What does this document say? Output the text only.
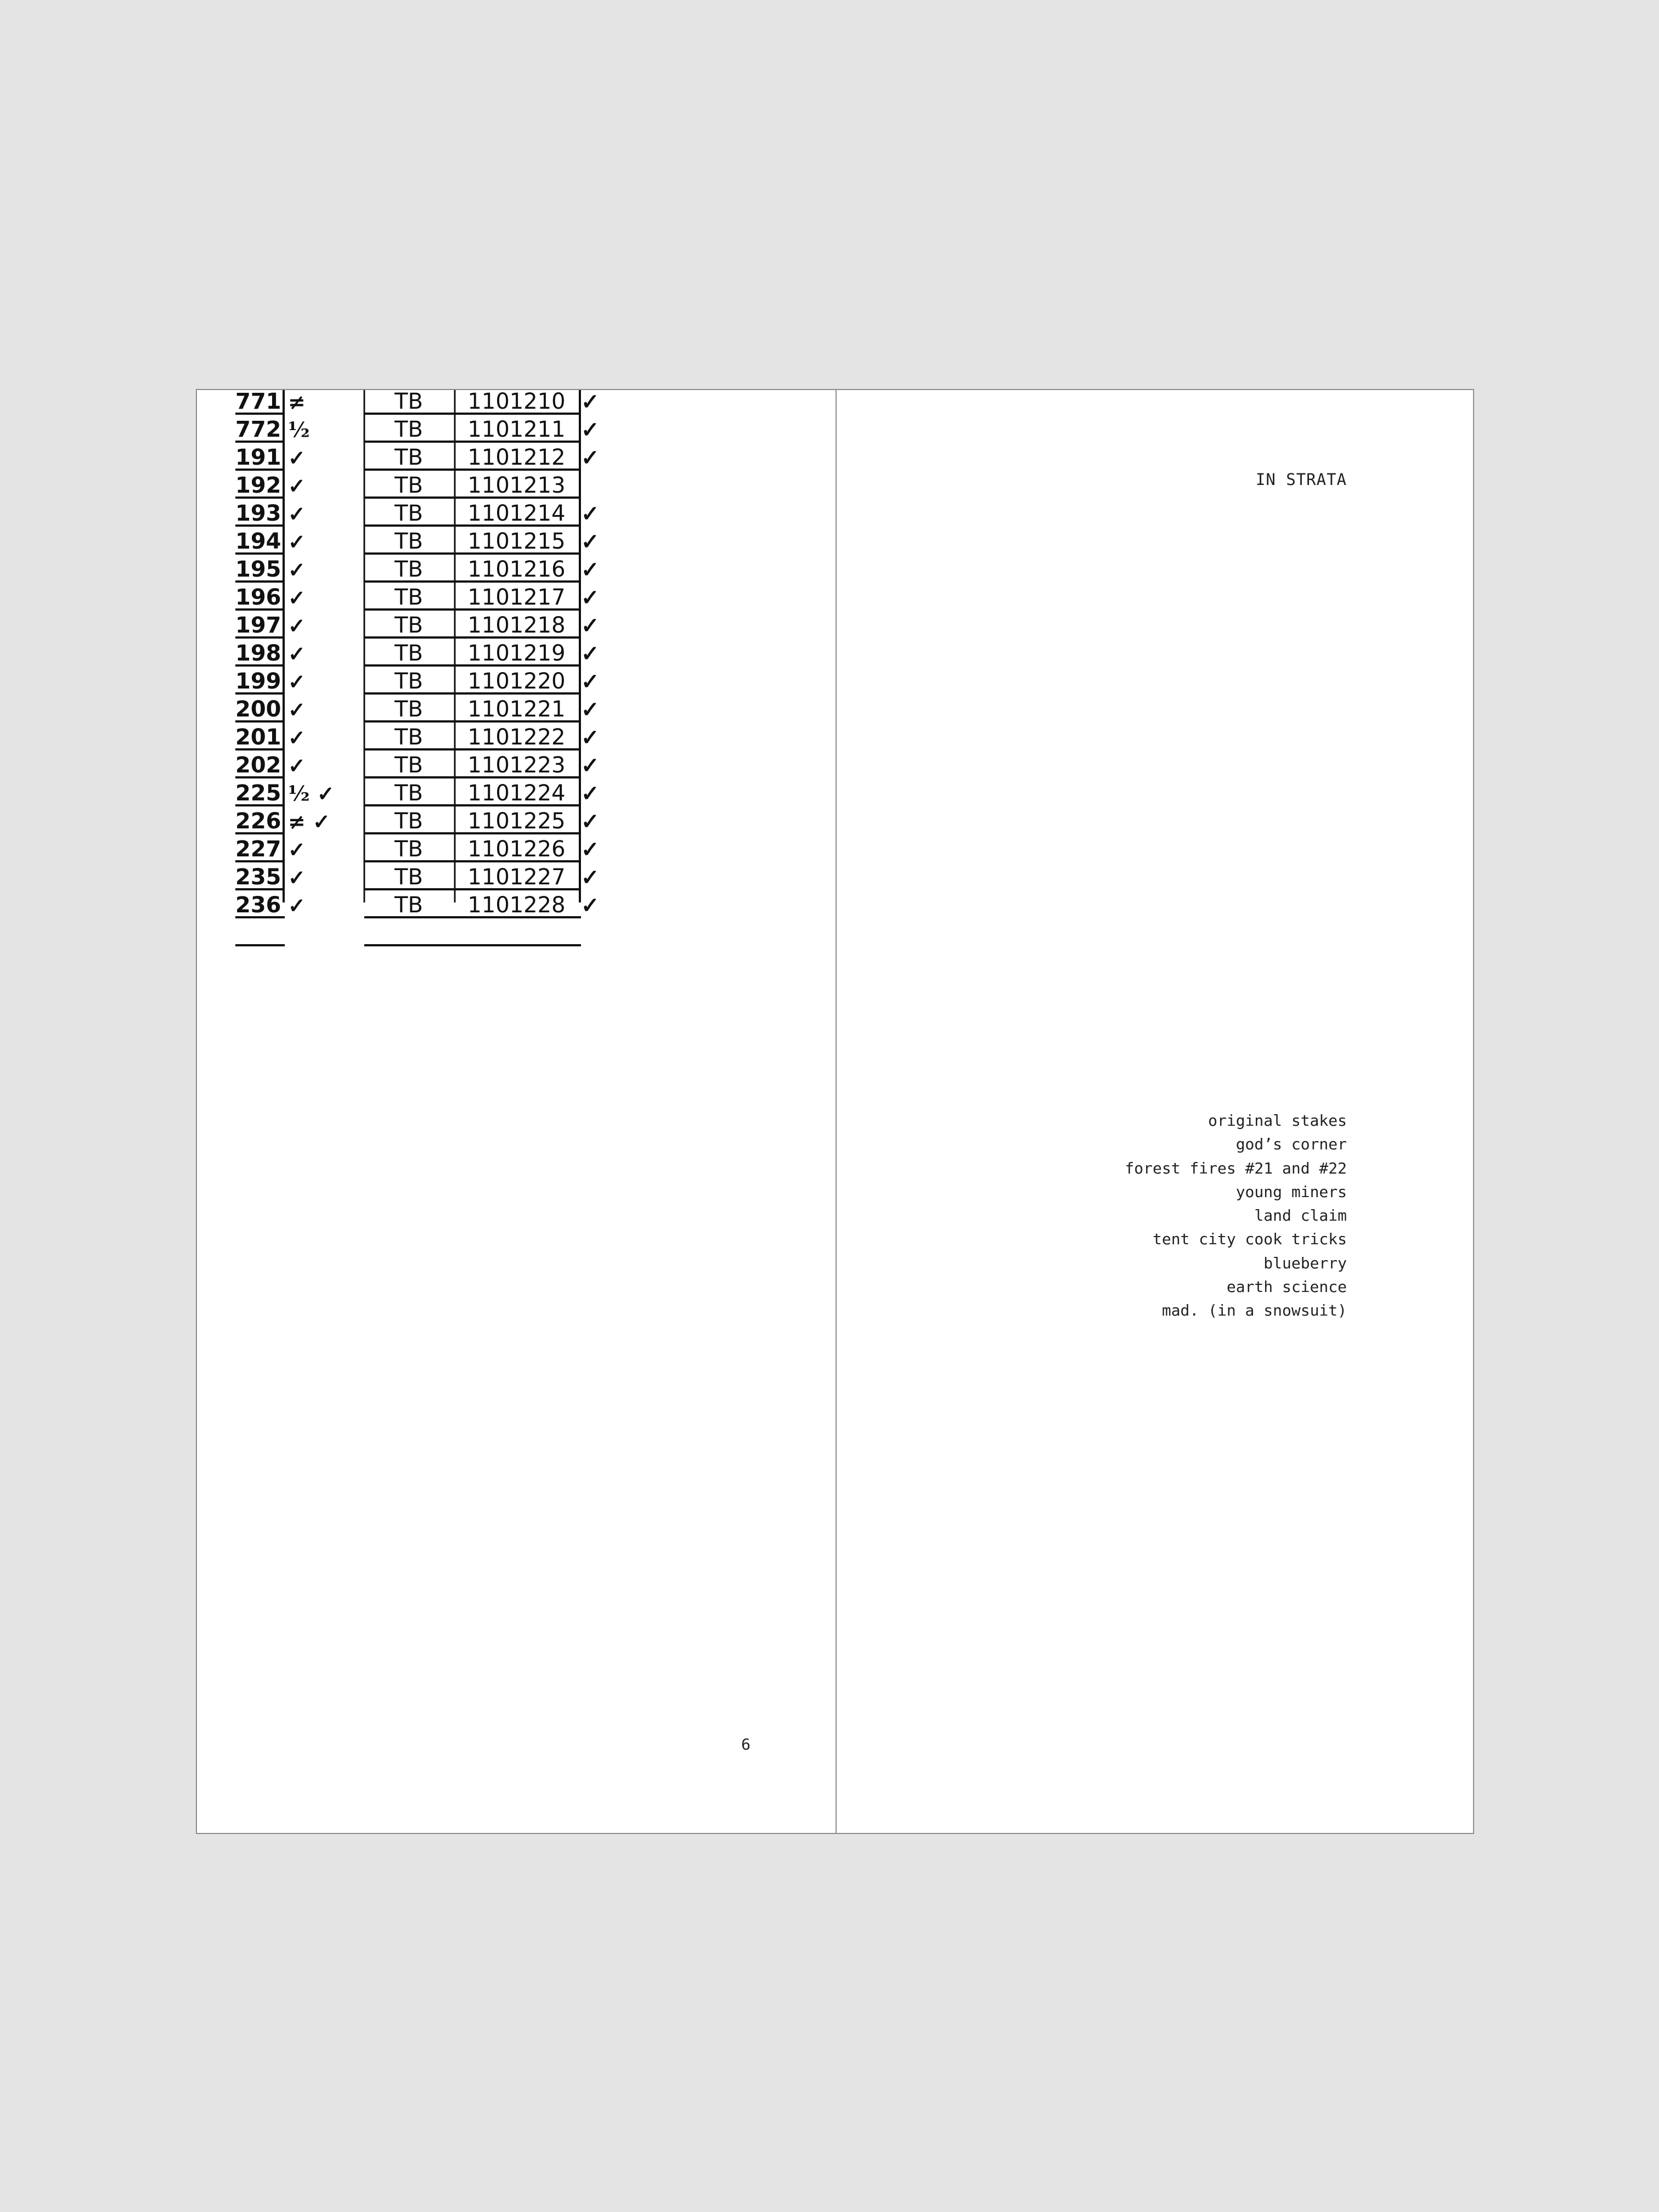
771 ≠	TB	1101210 ✓
772 ½	TB	1101211 ✓
191 ✓	TB	1101212 ✓
192 ✓	TB	1101213
193 ✓	TB	1101214 ✓
194 ✓	TB	1101215 ✓
195 ✓	TB	1101216 ✓
196 ✓	TB	1101217 ✓
197 ✓	TB	1101218 ✓
198 ✓	TB	1101219 ✓
199 ✓	TB	1101220 ✓
200 ✓	TB	1101221 ✓
201 ✓	TB	1101222 ✓
202 ✓	TB	1101223 ✓
225 ½ ✓	TB	1101224 ✓
226 ≠ ✓	TB	1101225 ✓
227 ✓	TB	1101226 ✓
235 ✓	TB	1101227 ✓
236 ✓	TB	1101228 ✓
6
IN STRATA
original stakes
god’s corner
forest fires #21 and #22
young miners
land claim
tent city cook tricks
blueberry
earth science
mad. (in a snowsuit)
